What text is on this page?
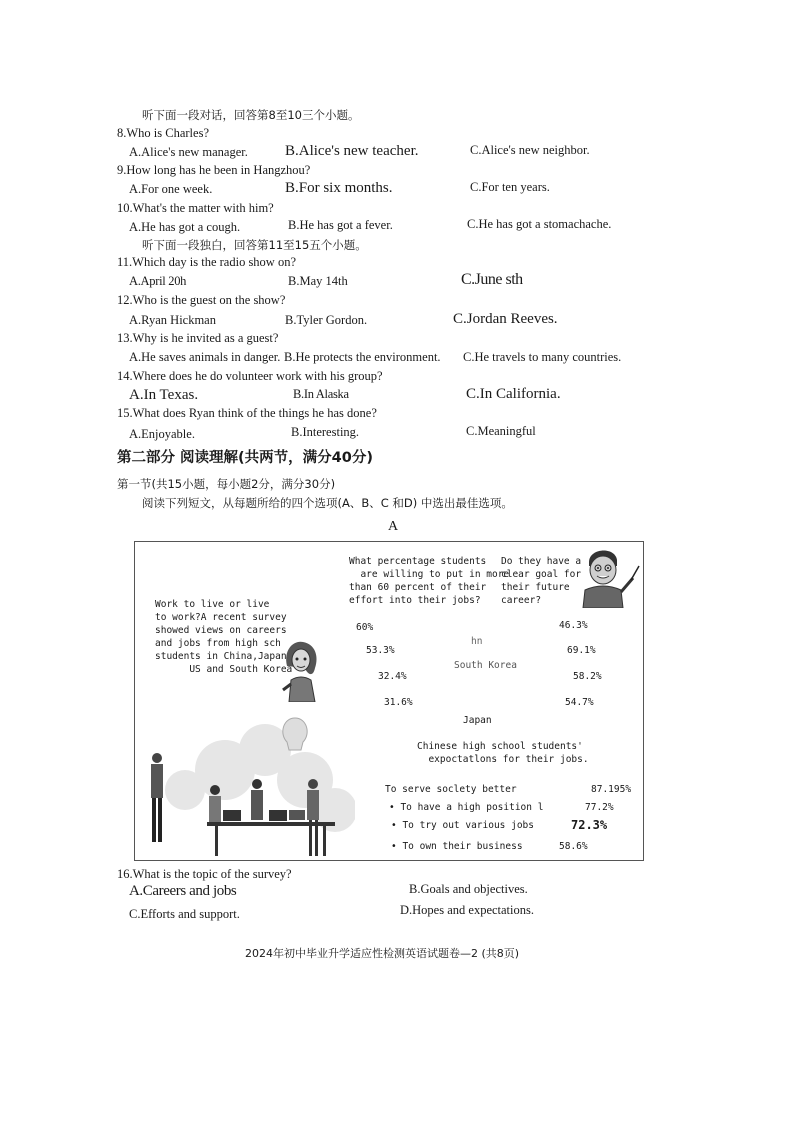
听下面一段对话，回答第8至10三个小题。
8.Who is Charles?
A.Alice's new manager. B.Alice's new teacher.	C.Alice's new neighbor.
9.How long has he been in Hangzhou?
A.For one week.	B.For six months.	C.For ten years.
10.What's the matter with him?
A.He has got a cough.	B.He has got a fever.	C.He has got a stomachache.
听下面一段独白，回答第11至15五个小题。
11.Which day is the radio show on?
A.April 20h	B.May 14th	C.June sth
12.Who is the guest on the show?
A.Ryan Hickman	B.Tyler Gordon.	C.Jordan Reeves.
13.Why is he invited as a guest?
A.He saves animals in danger. B.He protects the environment. C.He travels to many countries.
14.Where does he do volunteer work with his group?
A.In Texas.	B.In Alaska	C.In California.
15.What does Ryan think of the things he has done?
A.Enjoyable.	B.Interesting.	C.Meaningful
第二部分 阅读理解(共两节，满分40分)
第一节(共15小题，每小题2分，满分30分)
阅读下列短文，从每题所给的四个选项(A、B、C 和D) 中选出最佳选项。
A
Work to live or live
to work?A recent survey
showed views on careers
and jobs from high sch
students in China,Japan
US and South Korea
What percentage students
are willing to put in more
than 60 percent of their
effort into their jobs?
Do they have a
clear goal for
their future
career?
60%
53.3%
32.4%
31.6%
46.3%
69.1%
58.2%
54.7%
hn
South Korea
Japan
Chinese high school students'
expoctatlons for their jobs.
To serve soclety better	87.195%
• To have a high position l	77.2%
• To try out various jobs	72.3%
• To own their business	58.6%
16.What is the topic of the survey?
A.Careers and jobs	B.Goals and objectives.
C.Efforts and support.	D.Hopes and expectations.
2024年初中毕业升学适应性检测英语试题卷—2 (共8页)
